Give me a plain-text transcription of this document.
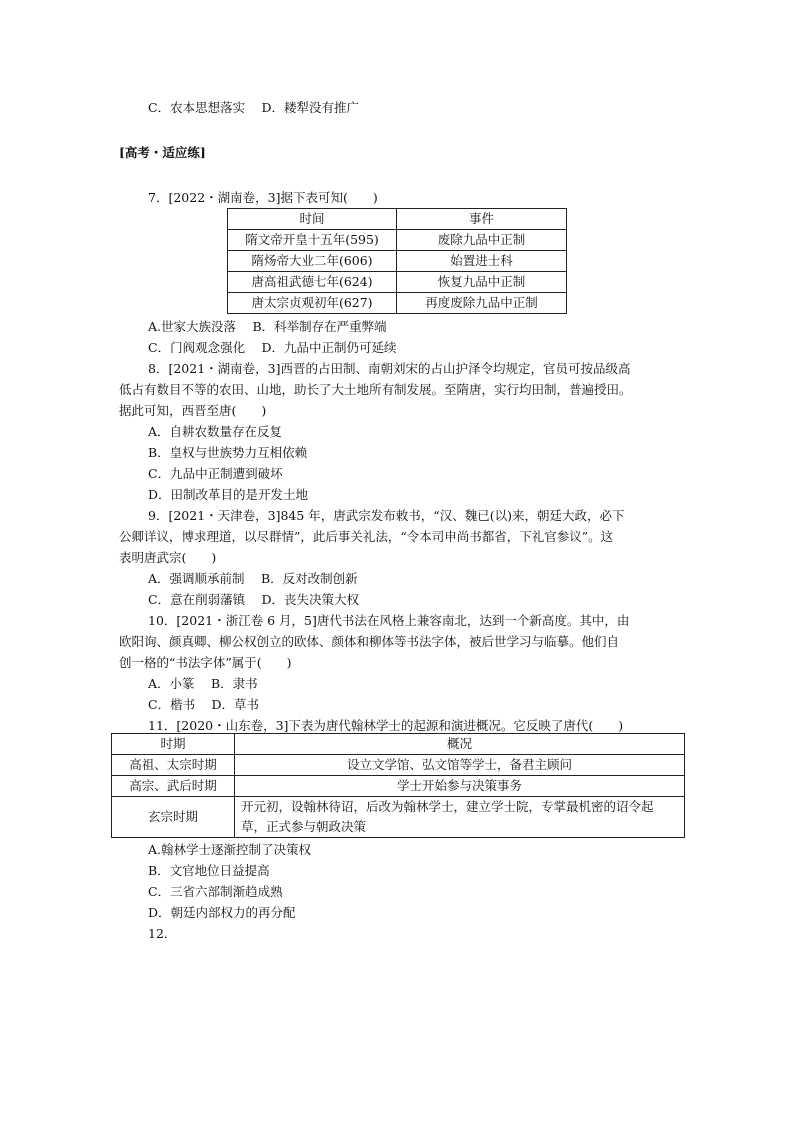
C．农本思想落实　 D．耧犁没有推广
[高考・适应练]
7．[2022・湖南卷，3]据下表可知(　　)
时间	事件
隋文帝开皇十五年(595)	废除九品中正制
隋炀帝大业二年(606)	始置进士科
唐高祖武德七年(624)	恢复九品中正制
唐太宗贞观初年(627)	再度废除九品中正制
A.世家大族没落　 B．科举制存在严重弊端
C．门阀观念强化　 D．九品中正制仍可延续
8．[2021・湖南卷，3]西晋的占田制、南朝刘宋的占山护泽令均规定，官员可按品级高
低占有数目不等的农田、山地，助长了大土地所有制发展。至隋唐，实行均田制，普遍授田。
据此可知，西晋至唐(　　)
A．自耕农数量存在反复
B．皇权与世族势力互相依赖
C．九品中正制遭到破坏
D．田制改革目的是开发土地
9．[2021・天津卷，3]845 年，唐武宗发布敕书，“汉、魏已(以)来，朝廷大政，必下
公卿详议，博求理道，以尽群情”，此后事关礼法，“令本司申尚书都省，下礼官参议”。这
表明唐武宗(　　)
A．强调顺承前制　 B．反对改制创新
C．意在削弱藩镇　 D．丧失决策大权
10．[2021・浙江卷 6 月，5]唐代书法在风格上兼容南北，达到一个新高度。其中，由
欧阳询、颜真卿、柳公权创立的欧体、颜体和柳体等书法字体，被后世学习与临摹。他们自
创一格的“书法字体”属于(　　)
A．小篆　 B．隶书
C．楷书　 D．草书
11．[2020・山东卷，3]下表为唐代翰林学士的起源和演进概况。它反映了唐代(　　)
时期	概况
高祖、太宗时期	设立文学馆、弘文馆等学士，备君主顾问
高宗、武后时期	学士开始参与决策事务
玄宗时期	开元初，设翰林待诏，后改为翰林学士，建立学士院，专掌最机密的诏令起草，正式参与朝政决策
A.翰林学士逐渐控制了决策权
B．文官地位日益提高
C．三省六部制渐趋成熟
D．朝廷内部权力的再分配
12．
